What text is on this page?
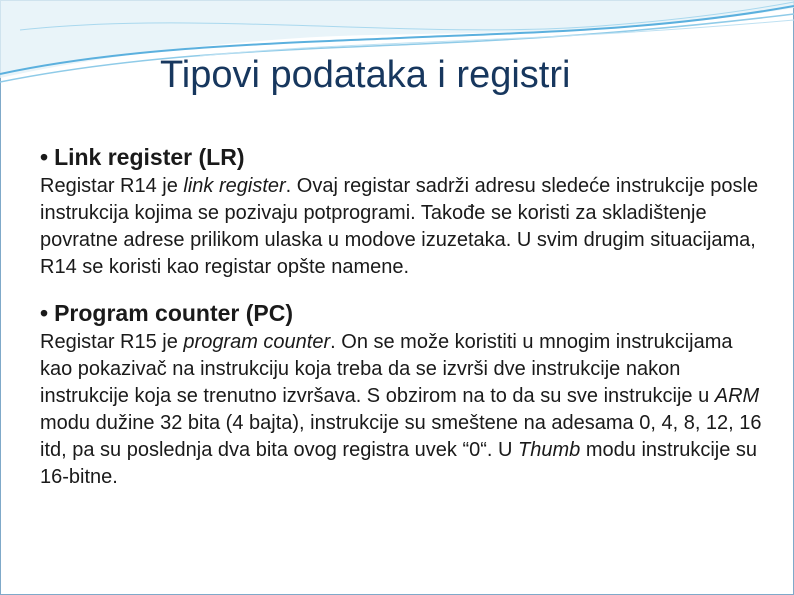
Tipovi podataka i registri

• Link register (LR)

Registar R14 je link register. Ovaj registar sadrži adresu sledeće instrukcije posle instrukcija kojima se pozivaju potprogrami. Takođe se koristi za skladištenje povratne adrese prilikom ulaska u modove izuzetaka. U svim drugim situacijama, R14 se koristi kao registar opšte namene.

• Program counter (PC)

Registar R15 je program counter. On se može koristiti u mnogim instrukcijama kao pokazivač na instrukciju koja treba da se izvrši dve instrukcije nakon instrukcije koja se trenutno izvršava. S obzirom na to da su sve instrukcije u ARM modu dužine 32 bita (4 bajta), instrukcije su smeštene na adesama 0, 4, 8, 12, 16 itd, pa su poslednja dva bita ovog registra uvek “0“. U Thumb modu instrukcije su 16-bitne.
